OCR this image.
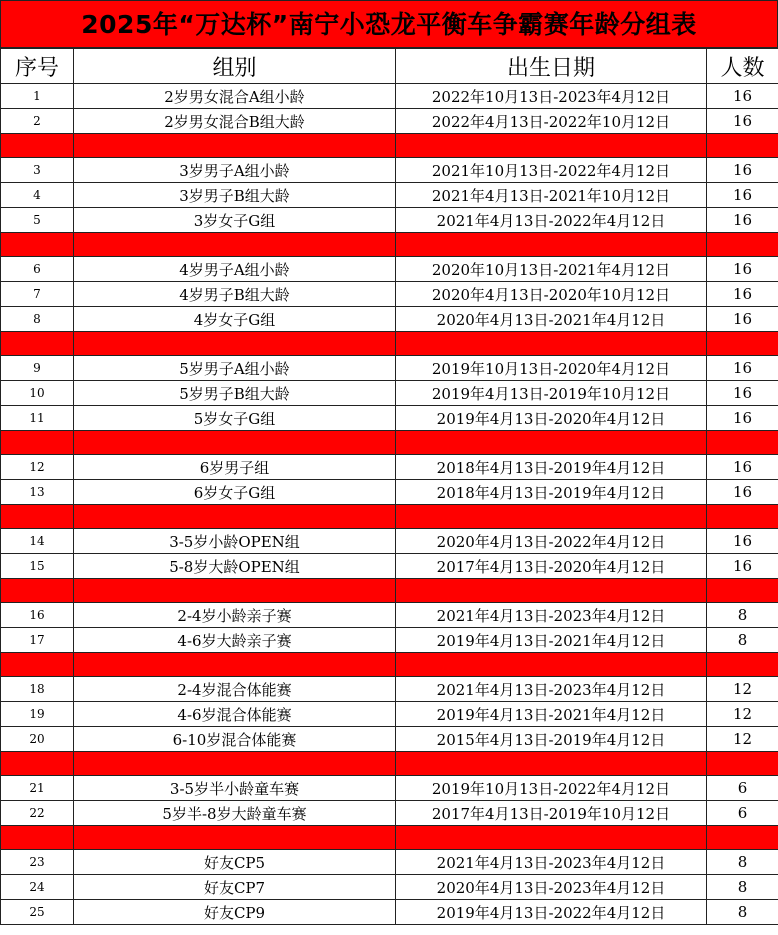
2025年“万达杯”南宁小恐龙平衡车争霸赛年龄分组表
序号	组别	出生日期	人数
1	2岁男女混合A组小龄	2022年10月13日-2023年4月12日	16
2	2岁男女混合B组大龄	2022年4月13日-2022年10月12日	16

3	3岁男子A组小龄	2021年10月13日-2022年4月12日	16
4	3岁男子B组大龄	2021年4月13日-2021年10月12日	16
5	3岁女子G组	2021年4月13日-2022年4月12日	16

6	4岁男子A组小龄	2020年10月13日-2021年4月12日	16
7	4岁男子B组大龄	2020年4月13日-2020年10月12日	16
8	4岁女子G组	2020年4月13日-2021年4月12日	16

9	5岁男子A组小龄	2019年10月13日-2020年4月12日	16
10	5岁男子B组大龄	2019年4月13日-2019年10月12日	16
11	5岁女子G组	2019年4月13日-2020年4月12日	16

12	6岁男子组	2018年4月13日-2019年4月12日	16
13	6岁女子G组	2018年4月13日-2019年4月12日	16

14	3-5岁小龄OPEN组	2020年4月13日-2022年4月12日	16
15	5-8岁大龄OPEN组	2017年4月13日-2020年4月12日	16

16	2-4岁小龄亲子赛	2021年4月13日-2023年4月12日	8
17	4-6岁大龄亲子赛	2019年4月13日-2021年4月12日	8

18	2-4岁混合体能赛	2021年4月13日-2023年4月12日	12
19	4-6岁混合体能赛	2019年4月13日-2021年4月12日	12
20	6-10岁混合体能赛	2015年4月13日-2019年4月12日	12

21	3-5岁半小龄童车赛	2019年10月13日-2022年4月12日	6
22	5岁半-8岁大龄童车赛	2017年4月13日-2019年10月12日	6

23	好友CP5	2021年4月13日-2023年4月12日	8
24	好友CP7	2020年4月13日-2023年4月12日	8
25	好友CP9	2019年4月13日-2022年4月12日	8
